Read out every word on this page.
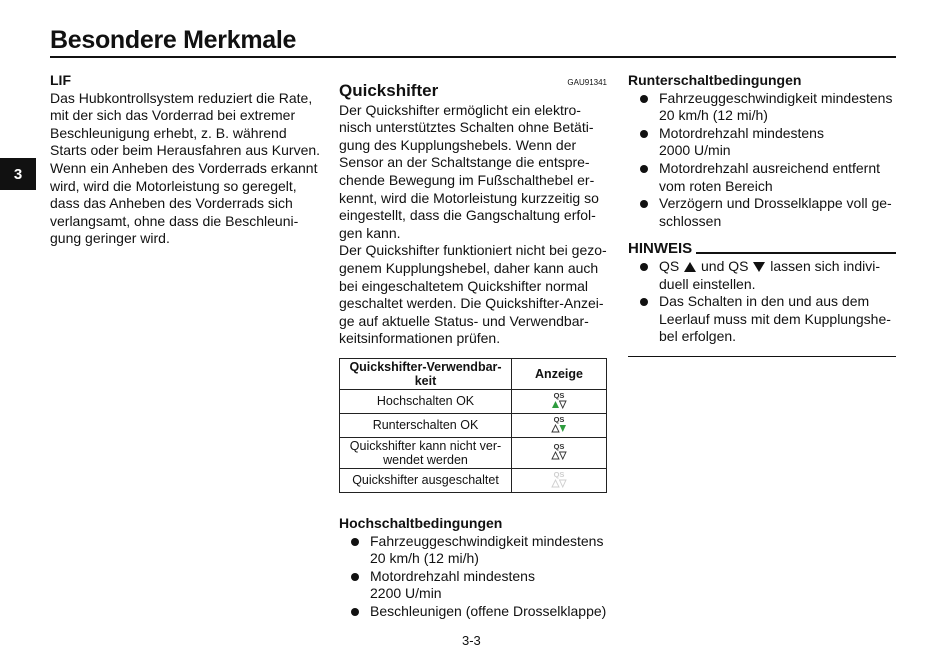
Besondere Merkmale
3
LIF
Das Hubkontrollsystem reduziert die Rate,
mit der sich das Vorderrad bei extremer
Beschleunigung erhebt, z. B. während
Starts oder beim Herausfahren aus Kurven.
Wenn ein Anheben des Vorderrads erkannt
wird, wird die Motorleistung so geregelt,
dass das Anheben des Vorderrads sich
verlangsamt, ohne dass die Beschleuni-
gung geringer wird.
GAU91341
Quickshifter
Der Quickshifter ermöglicht ein elektro-
nisch unterstütztes Schalten ohne Betäti-
gung des Kupplungshebels. Wenn der
Sensor an der Schaltstange die entspre-
chende Bewegung im Fußschalthebel er-
kennt, wird die Motorleistung kurzzeitig so
eingestellt, dass die Gangschaltung erfol-
gen kann.
Der Quickshifter funktioniert nicht bei gezo-
genem Kupplungshebel, daher kann auch
bei eingeschaltetem Quickshifter normal
geschaltet werden. Die Quickshifter-Anzei-
ge auf aktuelle Status- und Verwendbar-
keitsinformationen prüfen.
Quickshifter-Verwendbar-
keit	Anzeige
Hochschalten OK	QS

Runterschalten OK	QS

Quickshifter kann nicht ver-
wendet werden	QS

Quickshifter ausgeschaltet	QS
Hochschaltbedingungen
Fahrzeuggeschwindigkeit mindestens
20 km/h (12 mi/h)
Motordrehzahl mindestens
2200 U/min
Beschleunigen (offene Drosselklappe)
Runterschaltbedingungen
Fahrzeuggeschwindigkeit mindestens
20 km/h (12 mi/h)
Motordrehzahl mindestens
2000 U/min
Motordrehzahl ausreichend entfernt
vom roten Bereich
Verzögern und Drosselklappe voll ge-
schlossen
HINWEIS
QS und QS lassen sich indivi-
duell einstellen.
Das Schalten in den und aus dem
Leerlauf muss mit dem Kupplungshe-
bel erfolgen.
3-3
